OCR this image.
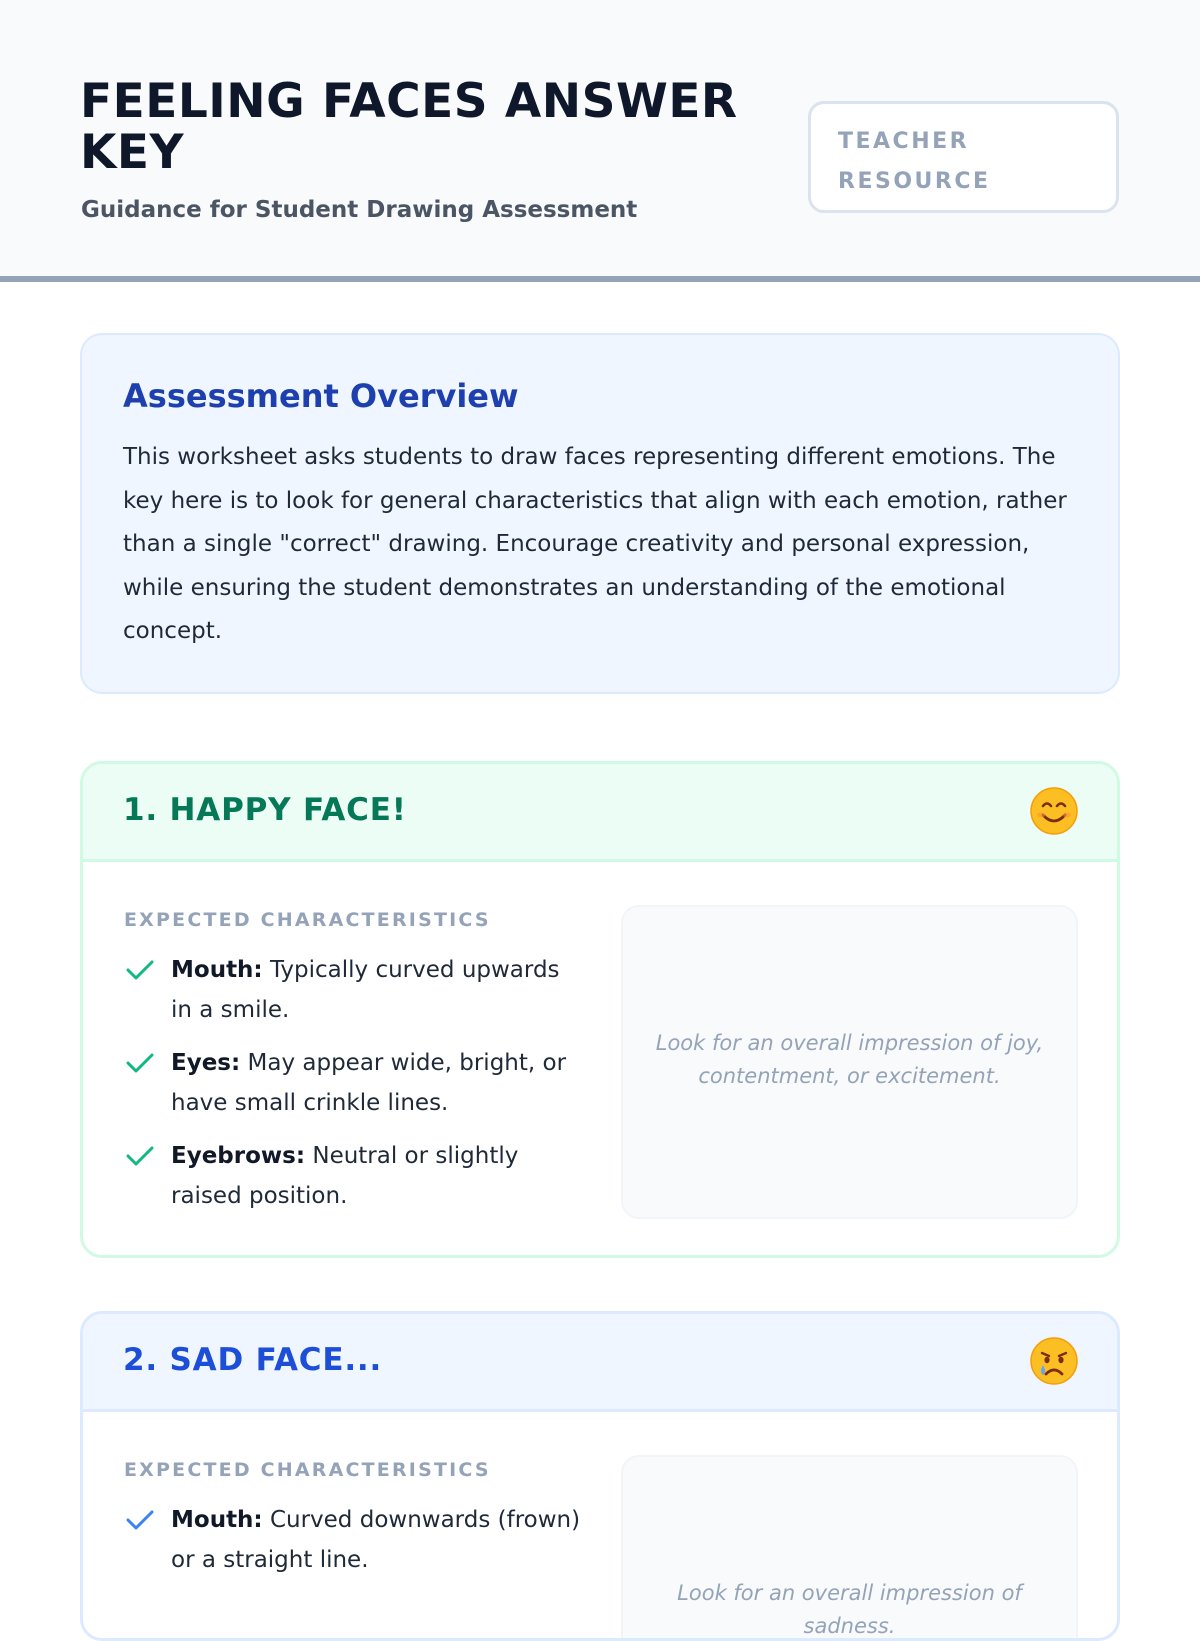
FEELING FACES ANSWER KEY
Guidance for Student Drawing Assessment
TEACHER RESOURCE
Assessment Overview
This worksheet asks students to draw faces representing different emotions. The key here is to look for general characteristics that align with each emotion, rather than a single "correct" drawing. Encourage creativity and personal expression, while ensuring the student demonstrates an understanding of the emotional concept.
1. HAPPY FACE!
EXPECTED CHARACTERISTICS
Mouth: Typically curved upwards in a smile.
Eyes: May appear wide, bright, or have small crinkle lines.
Eyebrows: Neutral or slightly raised position.
Look for an overall impression of joy, contentment, or excitement.
2. SAD FACE...
EXPECTED CHARACTERISTICS
Mouth: Curved downwards (frown) or a straight line.
Look for an overall impression of sadness.
